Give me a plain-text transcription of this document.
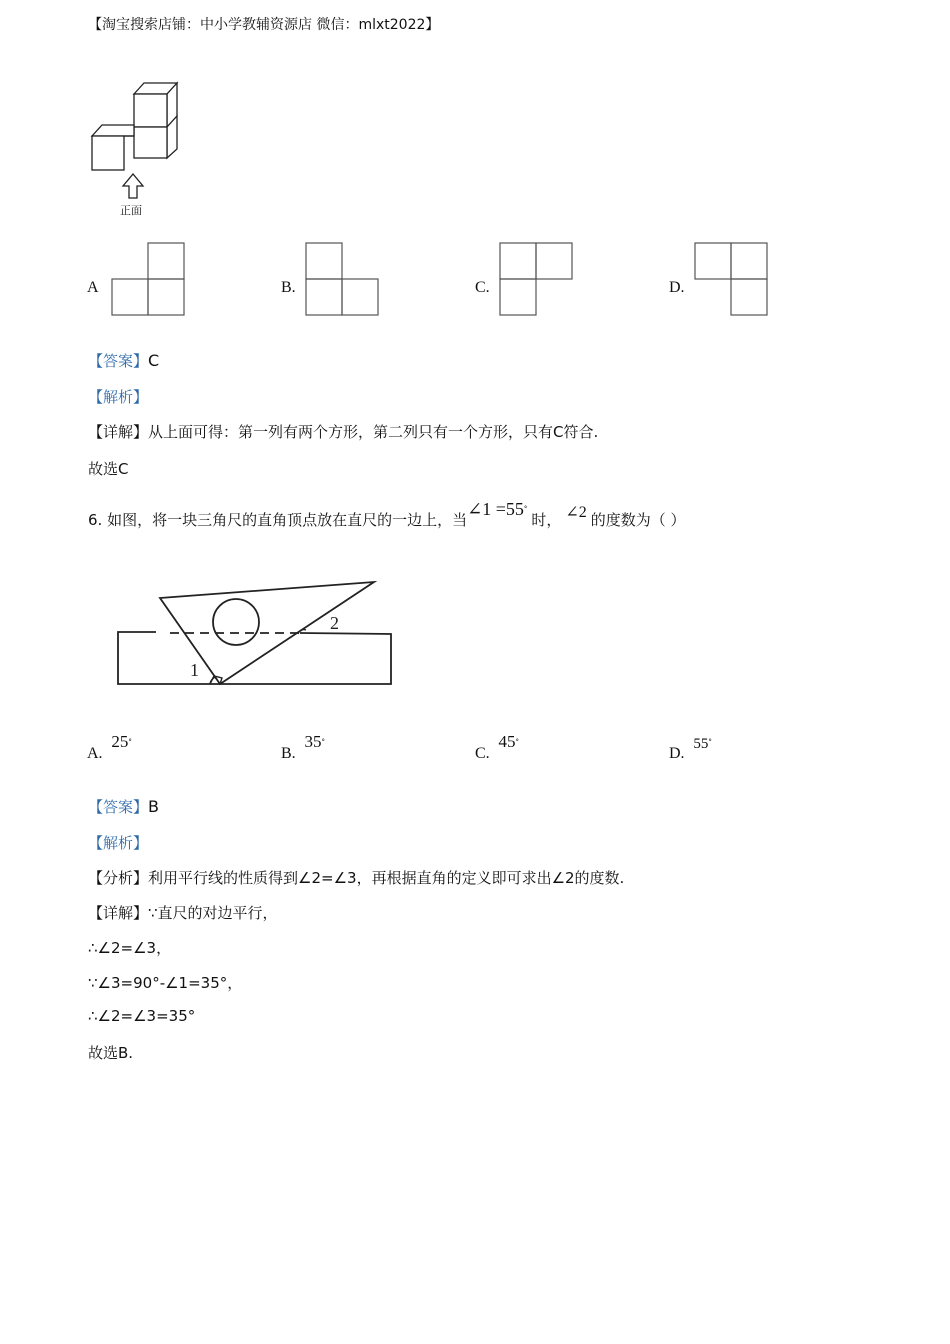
【淘宝搜索店铺：中小学教辅资源店 微信：mlxt2022】
正面
A	B.	C.	D.
【答案】C
【解析】
【详解】从上面可得：第一列有两个方形，第二列只有一个方形，只有C符合.
故选C
6. 如图，将一块三角尺的直角顶点放在直尺的一边上，当∠1 =55°时， ∠2 的度数为（ ）
1
2
A. 25°
B. 35°
C. 45°
D. 55°
【答案】B
【解析】
【分析】利用平行线的性质得到∠2=∠3，再根据直角的定义即可求出∠2的度数.
【详解】∵直尺的对边平行，
∴∠2=∠3，
∵∠3=90°-∠1=35°，
∴∠2=∠3=35°
故选B.
